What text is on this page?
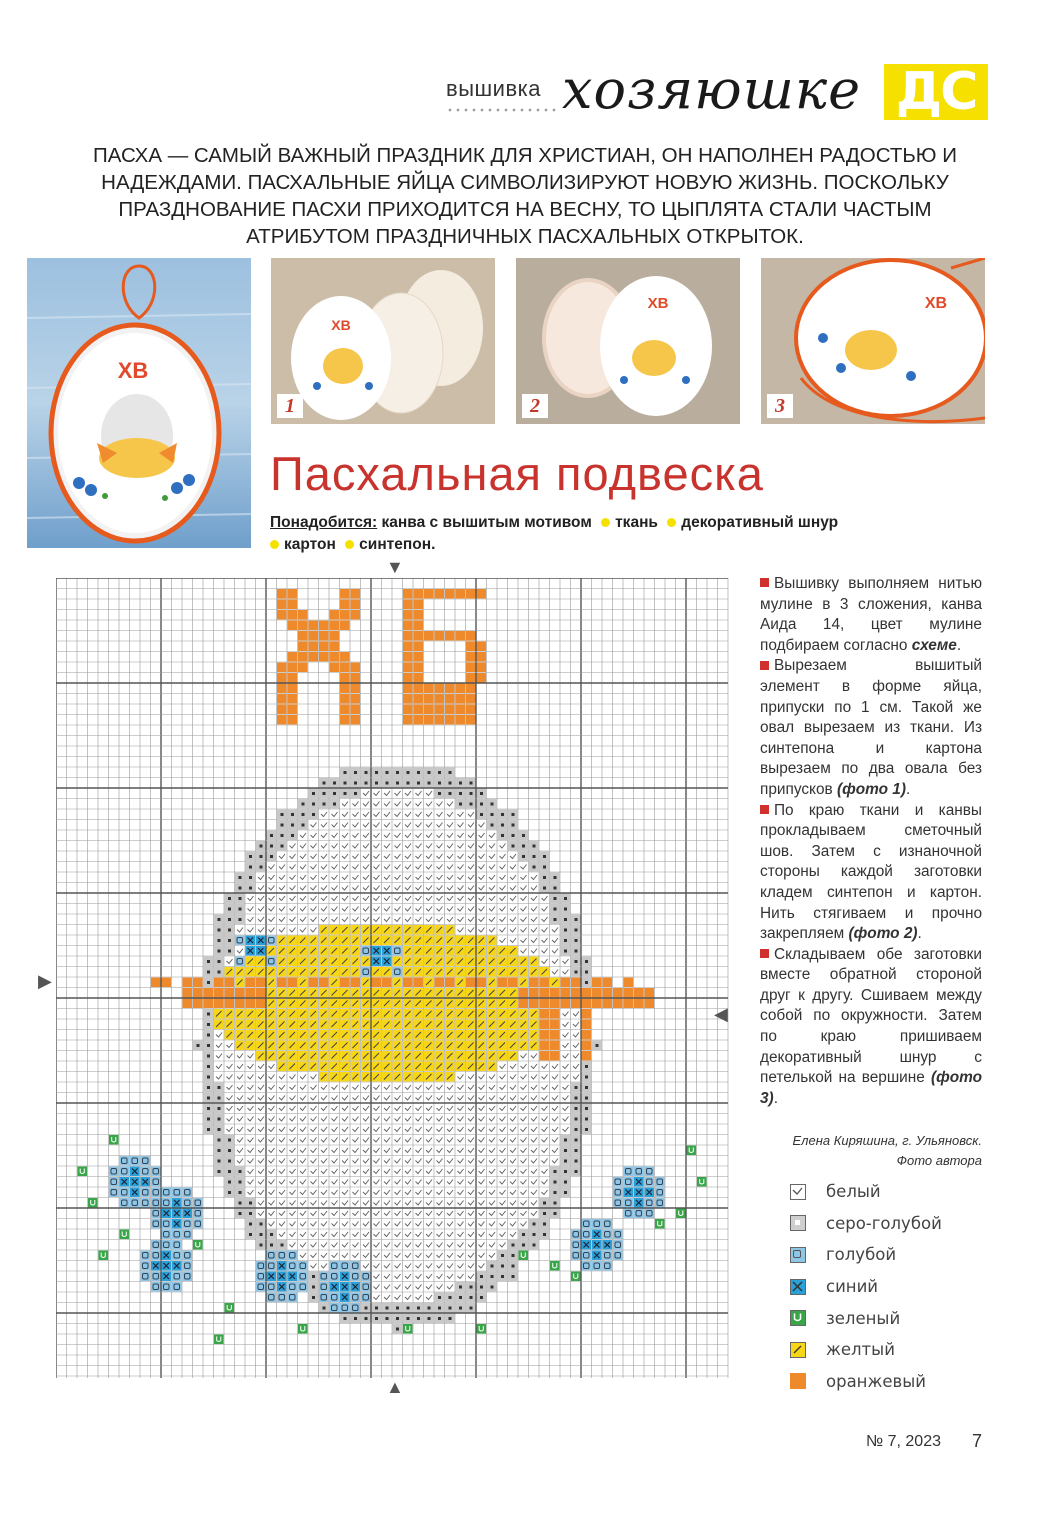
вышивка хозяюшке ДС
ПАСХА — САМЫЙ ВАЖНЫЙ ПРАЗДНИК ДЛЯ ХРИСТИАН, ОН НАПОЛНЕН РАДОСТЬЮ И НАДЕЖДАМИ. ПАСХАЛЬНЫЕ ЯЙЦА СИМВОЛИЗИРУЮТ НОВУЮ ЖИЗНЬ. ПОСКОЛЬКУ ПРАЗДНОВАНИЕ ПАСХИ ПРИХОДИТСЯ НА ВЕСНУ, ТО ЦЫПЛЯТА СТАЛИ ЧАСТЫМ АТРИБУТОМ ПРАЗДНИЧНЫХ ПАСХАЛЬНЫХ ОТКРЫТОК.
ХВ
ХВ
1
ХВ
2
ХВ
3
Пасхальная подвеска
Понадобится: канва с вышитым мотивом ткань декоративный шнур
картон синтепон.
▼
▲
▶
◀

Вышивку выполняем нитью мулине в 3 сложения, канва Аида 14, цвет мулине подбираем согласно схеме.

Вырезаем вышитый элемент в форме яйца, припуски по 1 см. Такой же овал вырезаем из ткани. Из синтепона и картона вырезаем по два овала без припусков (фото 1).

По краю ткани и канвы прокладываем сметочный шов. Затем с изнаночной стороны каждой заготовки кладем синтепон и картон. Нить стягиваем и прочно закрепляем (фото 2).

Складываем обе заготовки вместе обратной стороной друг к другу. Сшиваем между собой по окружности. Затем по краю пришиваем декоративный шнур с петелькой на вершине (фото 3).

Елена Киряшина, г. Ульяновск.
Фото автора
белый
серо-голубой
голубой
синий
зеленый
желтый
оранжевый
№ 7, 2023 7
